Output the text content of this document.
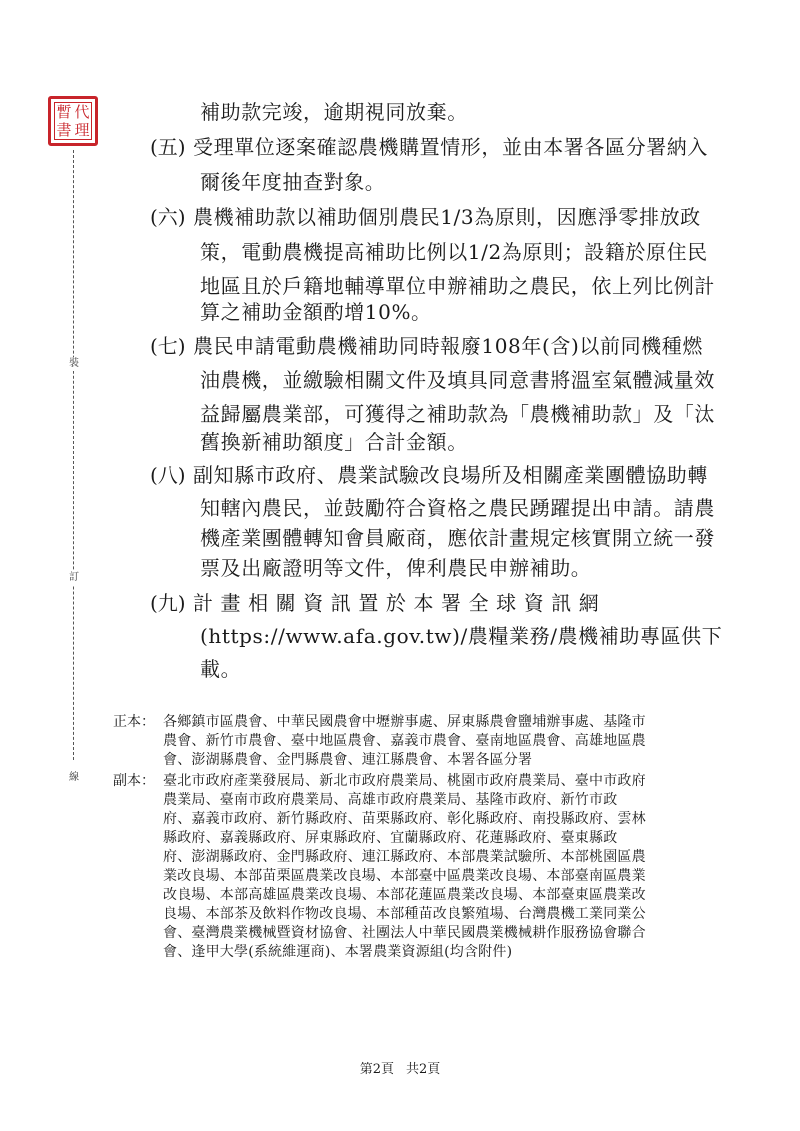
暫 代
書 理
裝
訂
線
補助款完竣，逾期視同放棄。
(五) 受理單位逐案確認農機購置情形，並由本署各區分署納入
爾後年度抽查對象。
(六) 農機補助款以補助個別農民1/3為原則，因應淨零排放政
策，電動農機提高補助比例以1/2為原則；設籍於原住民
地區且於戶籍地輔導單位申辦補助之農民，依上列比例計
算之補助金額酌增10%。
(七) 農民申請電動農機補助同時報廢108年(含)以前同機種燃
油農機，並繳驗相關文件及填具同意書將溫室氣體減量效
益歸屬農業部，可獲得之補助款為「農機補助款」及「汰
舊換新補助額度」合計金額。
(八) 副知縣市政府、農業試驗改良場所及相關產業團體協助轉
知轄內農民，並鼓勵符合資格之農民踴躍提出申請。請農
機產業團體轉知會員廠商，應依計畫規定核實開立統一發
票及出廠證明等文件，俾利農民申辦補助。
(九) 計 畫 相 關 資 訊 置 於 本 署 全 球 資 訊 網
(https://www.afa.gov.tw)/農糧業務/農機補助專區供下
載。
正本： 各鄉鎮市區農會、中華民國農會中壢辦事處、屏東縣農會鹽埔辦事處、基隆市
農會、新竹市農會、臺中地區農會、嘉義市農會、臺南地區農會、高雄地區農
會、澎湖縣農會、金門縣農會、連江縣農會、本署各區分署
副本： 臺北市政府產業發展局、新北市政府農業局、桃園市政府農業局、臺中市政府
農業局、臺南市政府農業局、高雄市政府農業局、基隆市政府、新竹市政
府、嘉義市政府、新竹縣政府、苗栗縣政府、彰化縣政府、南投縣政府、雲林
縣政府、嘉義縣政府、屏東縣政府、宜蘭縣政府、花蓮縣政府、臺東縣政
府、澎湖縣政府、金門縣政府、連江縣政府、本部農業試驗所、本部桃園區農
業改良場、本部苗栗區農業改良場、本部臺中區農業改良場、本部臺南區農業
改良場、本部高雄區農業改良場、本部花蓮區農業改良場、本部臺東區農業改
良場、本部茶及飲料作物改良場、本部種苗改良繁殖場、台灣農機工業同業公
會、臺灣農業機械暨資材協會、社團法人中華民國農業機械耕作服務協會聯合
會、逢甲大學(系統維運商)、本署農業資源組(均含附件)
第2頁 共2頁
